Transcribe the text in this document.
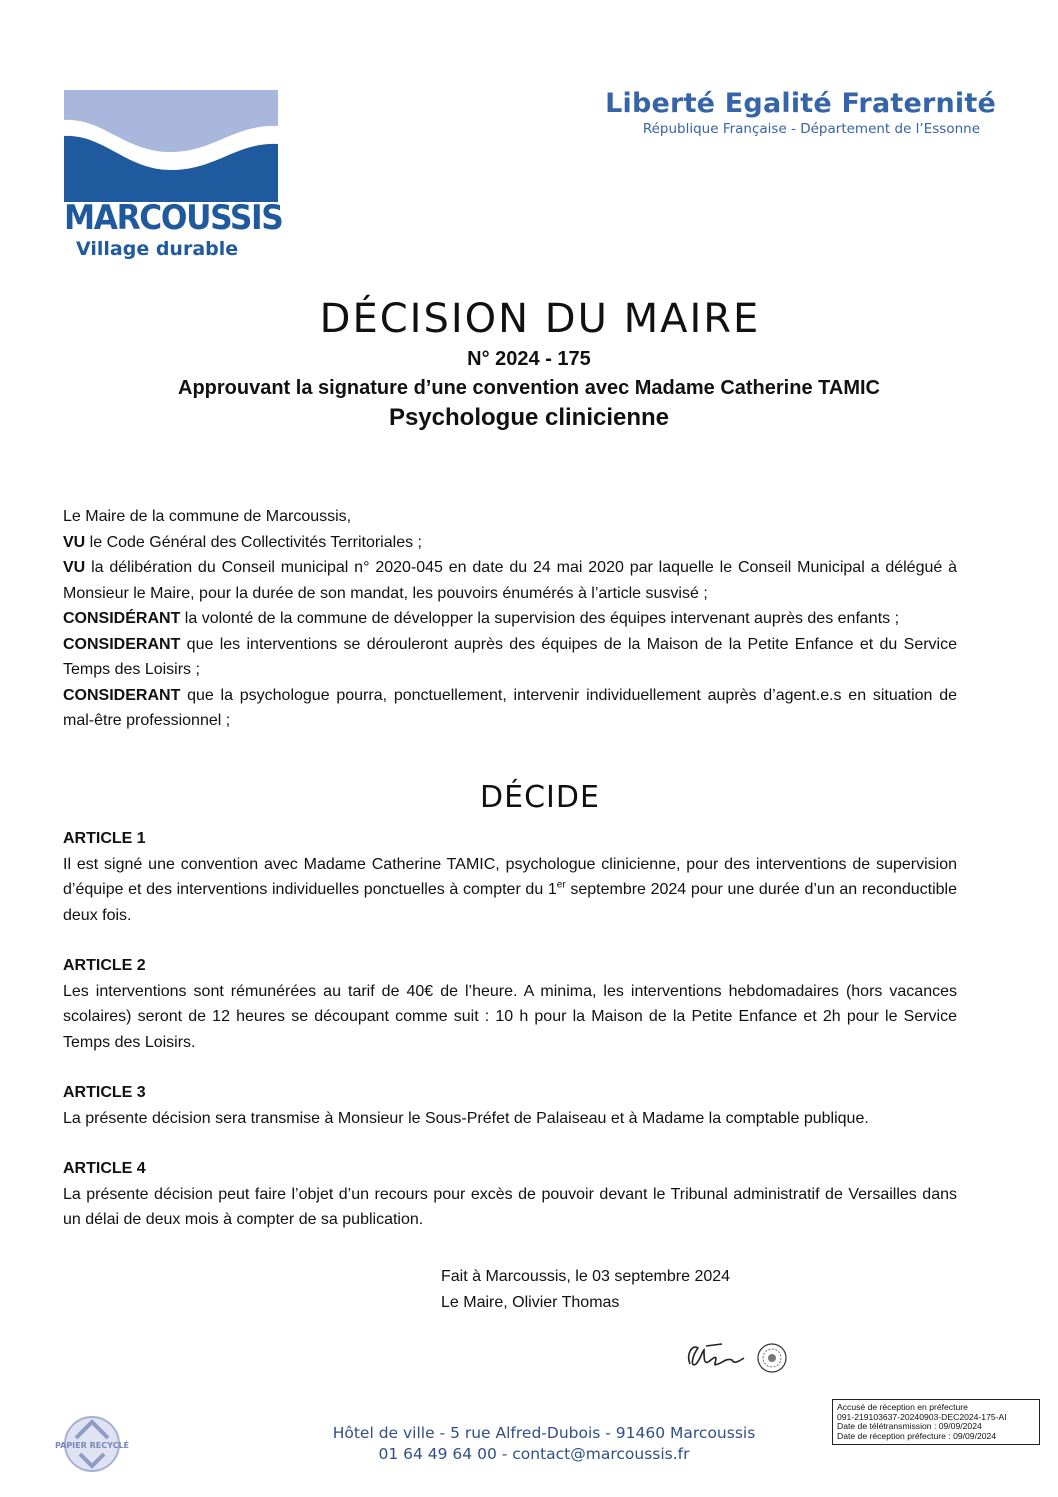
MARCOUSSIS
Village durable
Liberté Egalité Fraternité
République Française - Département de l’Essonne
DÉCISION DU MAIRE
N° 2024 - 175
Approuvant la signature d’une convention avec Madame Catherine TAMIC
Psychologue clinicienne

Le Maire de la commune de Marcoussis,

VU le Code Général des Collectivités Territoriales ;

VU la délibération du Conseil municipal n° 2020-045 en date du 24 mai 2020 par laquelle le Conseil Municipal a délégué à Monsieur le Maire, pour la durée de son mandat, les pouvoirs énumérés à l’article susvisé ;

CONSIDÉRANT la volonté de la commune de développer la supervision des équipes intervenant auprès des enfants ;

CONSIDERANT que les interventions se dérouleront auprès des équipes de la Maison de la Petite Enfance et du Service Temps des Loisirs ;

CONSIDERANT que la psychologue pourra, ponctuellement, intervenir individuellement auprès d’agent.e.s en situation de mal-être professionnel ;

DÉCIDE
ARTICLE 1

Il est signé une convention avec Madame Catherine TAMIC, psychologue clinicienne, pour des interventions de supervision d’équipe et des interventions individuelles ponctuelles à compter du 1er septembre 2024 pour une durée d’un an reconductible deux fois.

ARTICLE 2

Les interventions sont rémunérées au tarif de 40€ de l’heure. A minima, les interventions hebdomadaires (hors vacances scolaires) seront de 12 heures se découpant comme suit : 10 h pour la Maison de la Petite Enfance et 2h pour le Service Temps des Loisirs.

ARTICLE 3

La présente décision sera transmise à Monsieur le Sous-Préfet de Palaiseau et à Madame la comptable publique.

ARTICLE 4

La présente décision peut faire l’objet d’un recours pour excès de pouvoir devant le Tribunal administratif de Versailles dans un délai de deux mois à compter de sa publication.

Fait à Marcoussis, le 03 septembre 2024
Le Maire, Olivier Thomas
Accusé de réception en préfecture
091-219103637-20240903-DEC2024-175-AI
Date de télétransmission : 09/09/2024
Date de réception préfecture : 09/09/2024
PAPIER RECYCLÉ
Hôtel de ville - 5 rue Alfred-Dubois - 91460 Marcoussis
01 64 49 64 00 - contact@marcoussis.fr
